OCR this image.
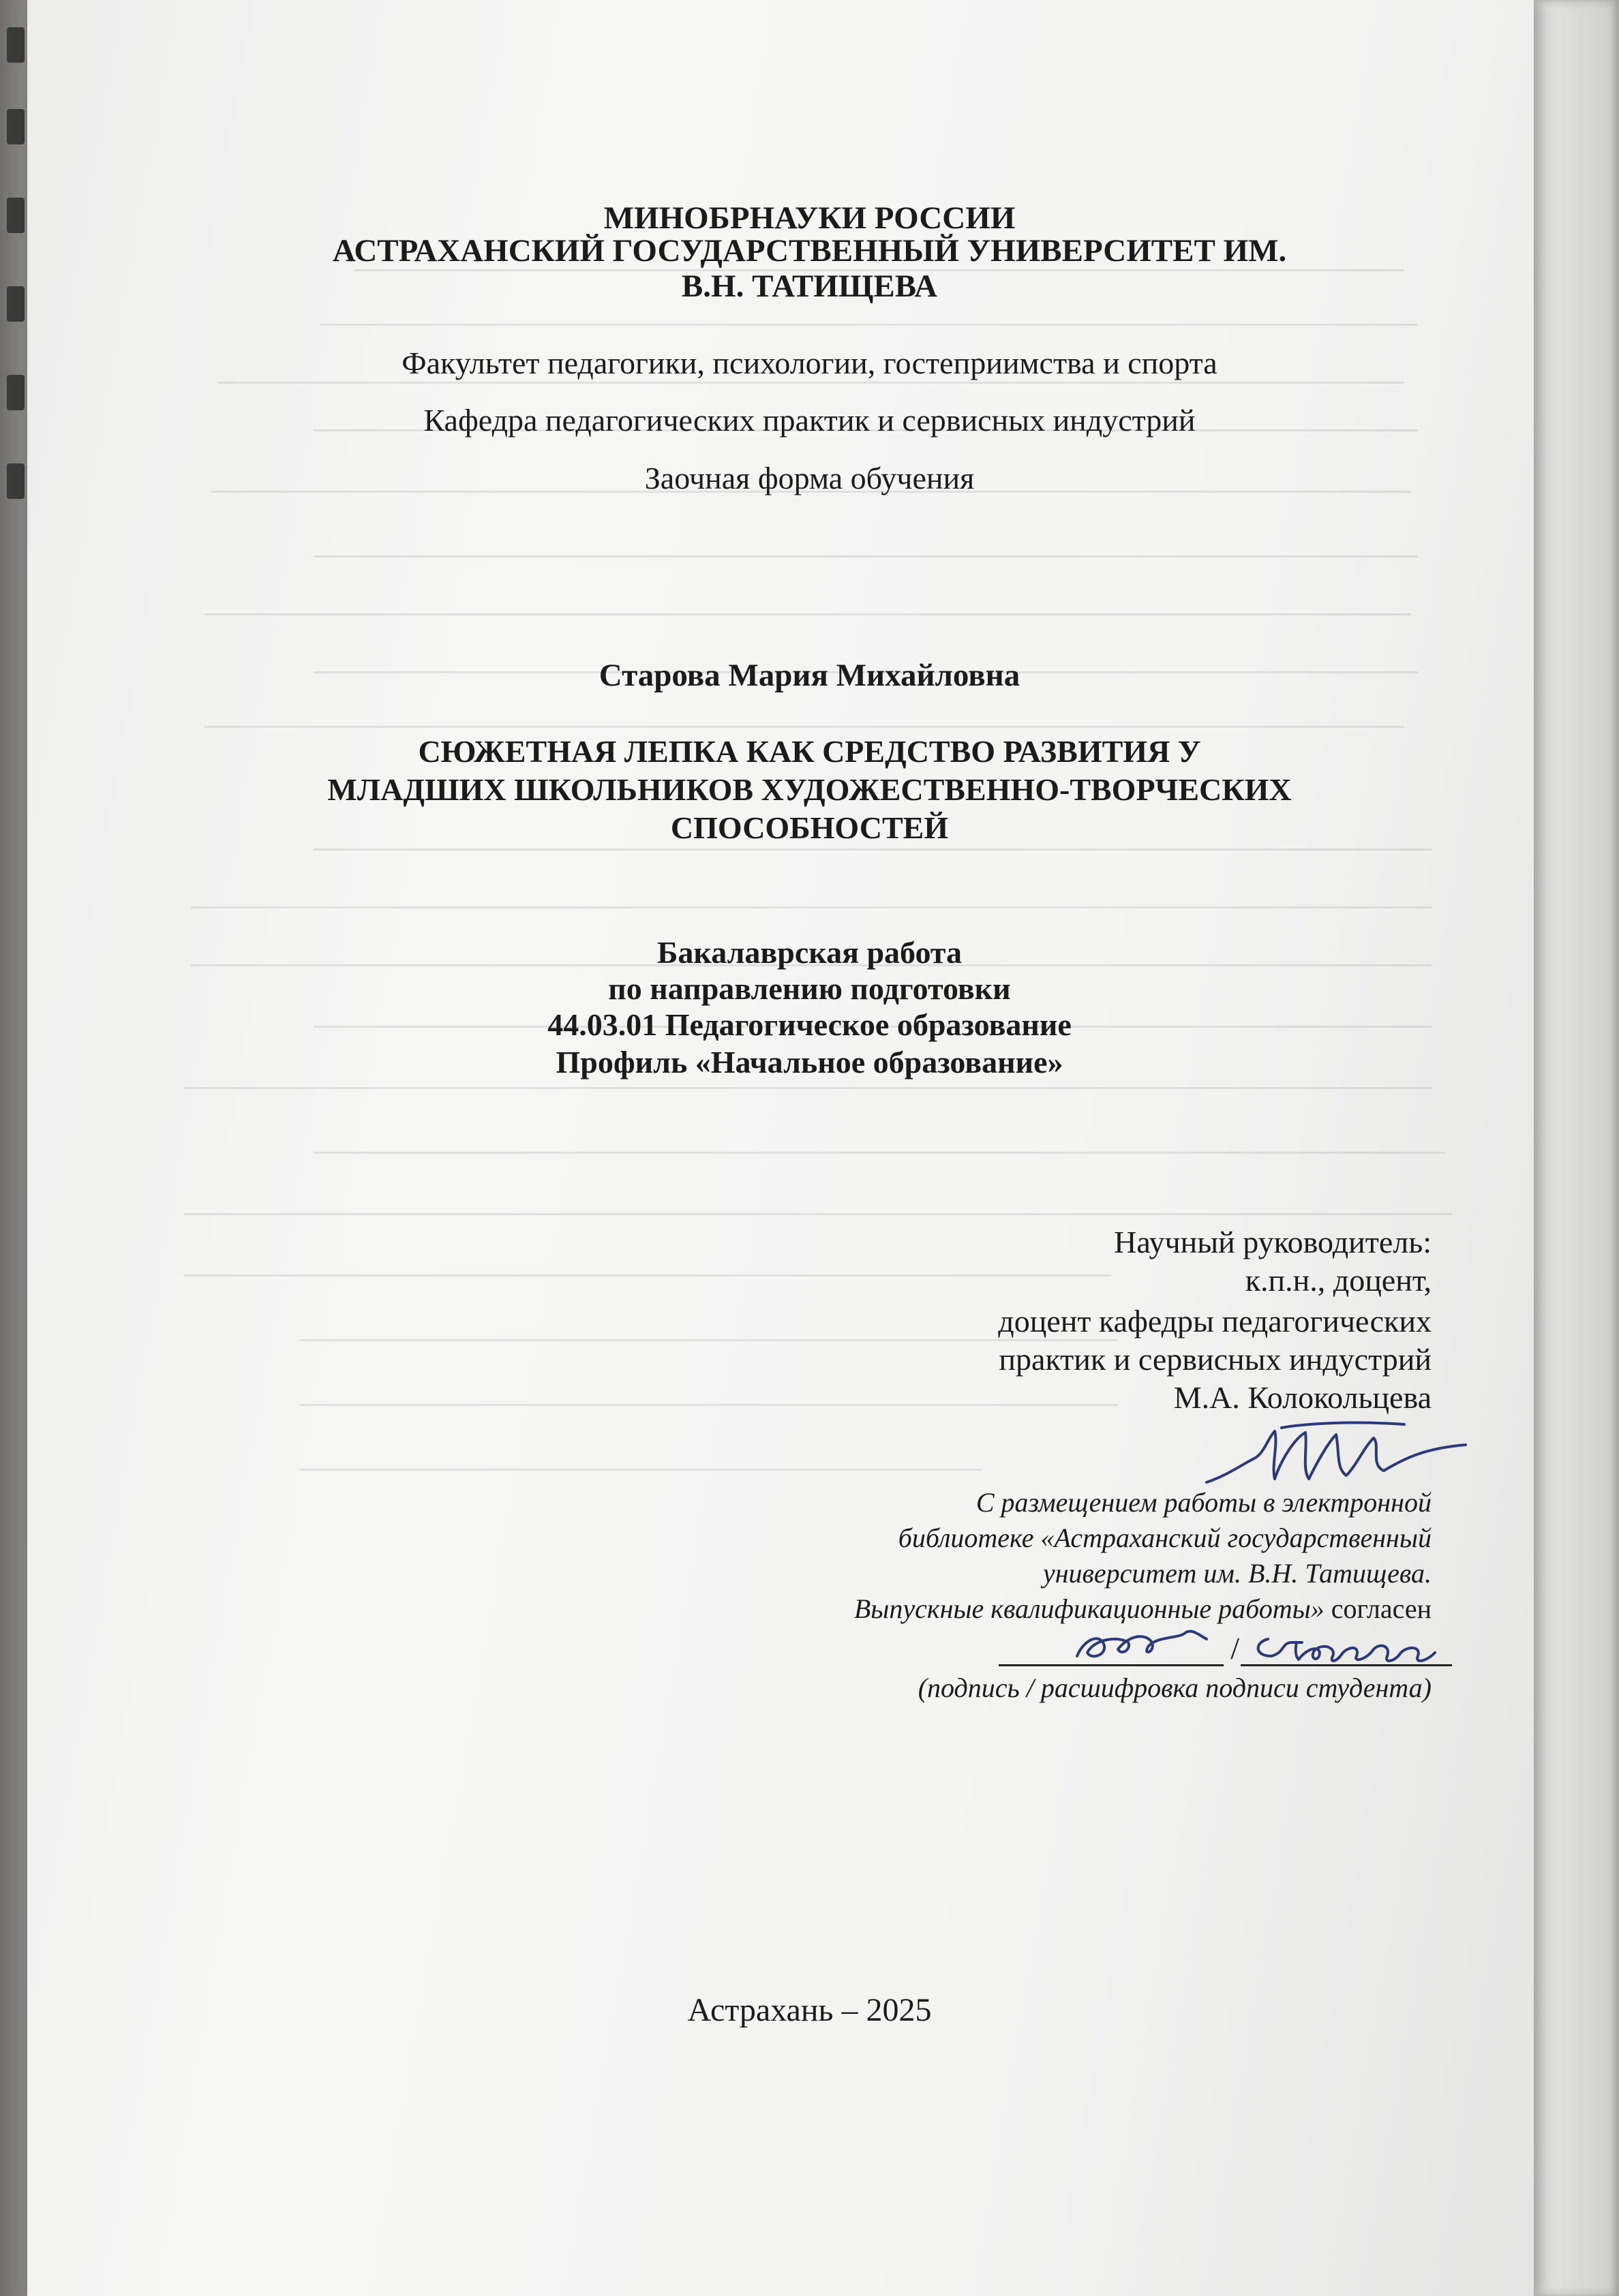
МИНОБРНАУКИ РОССИИ
АСТРАХАНСКИЙ ГОСУДАРСТВЕННЫЙ УНИВЕРСИТЕТ ИМ.
В.Н. ТАТИЩЕВА
Факультет педагогики, психологии, гостеприимства и спорта
Кафедра педагогических практик и сервисных индустрий
Заочная форма обучения
Старова Мария Михайловна
СЮЖЕТНАЯ ЛЕПКА КАК СРЕДСТВО РАЗВИТИЯ У
МЛАДШИХ ШКОЛЬНИКОВ ХУДОЖЕСТВЕННО-ТВОРЧЕСКИХ
СПОСОБНОСТЕЙ
Бакалаврская работа
по направлению подготовки
44.03.01 Педагогическое образование
Профиль «Начальное образование»
Научный руководитель:
к.п.н., доцент,
доцент кафедры педагогических
практик и сервисных индустрий
М.А. Колокольцева
С размещением работы в электронной
библиотеке «Астраханский государственный
университет им. В.Н. Татищева.
Выпускные квалификационные работы» согласен
/
(подпись / расшифровка подписи студента)
Астрахань – 2025
